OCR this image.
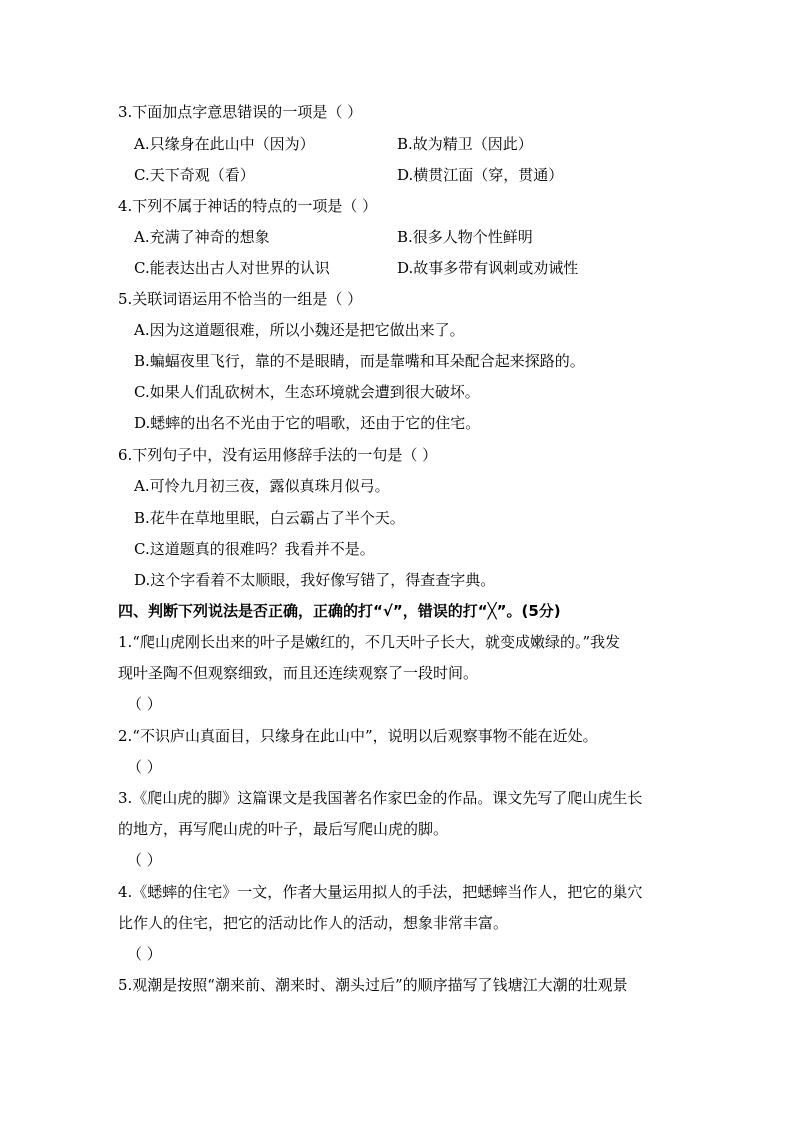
3.下面加点字意思错误的一项是（ ）
A.只缘身在此山中（因为）	B.故为精卫（因此）
C.天下奇观（看）	D.横贯江面（穿，贯通）
4.下列不属于神话的特点的一项是（ ）
A.充满了神奇的想象	B.很多人物个性鲜明
C.能表达出古人对世界的认识	D.故事多带有讽刺或劝诫性
5.关联词语运用不恰当的一组是（ ）
A.因为这道题很难，所以小魏还是把它做出来了。
B.蝙蝠夜里飞行，靠的不是眼睛，而是靠嘴和耳朵配合起来探路的。
C.如果人们乱砍树木，生态环境就会遭到很大破坏。
D.蟋蟀的出名不光由于它的唱歌，还由于它的住宅。
6.下列句子中，没有运用修辞手法的一句是（ ）
A.可怜九月初三夜，露似真珠月似弓。
B.花牛在草地里眠，白云霸占了半个天。
C.这道题真的很难吗？我看并不是。
D.这个字看着不太顺眼，我好像写错了，得查查字典。
四、判断下列说法是否正确，正确的打“√”，错误的打“╳”。(5分)
1.“爬山虎刚长出来的叶子是嫩红的，不几天叶子长大，就变成嫩绿的。”我发
现叶圣陶不但观察细致，而且还连续观察了一段时间。
（ ）
2.“不识庐山真面目，只缘身在此山中”，说明以后观察事物不能在近处。
（ ）
3.《爬山虎的脚》这篇课文是我国著名作家巴金的作品。课文先写了爬山虎生长
的地方，再写爬山虎的叶子，最后写爬山虎的脚。
（ ）
4.《蟋蟀的住宅》一文，作者大量运用拟人的手法，把蟋蟀当作人，把它的巢穴
比作人的住宅，把它的活动比作人的活动，想象非常丰富。
（ ）
5.观潮是按照“潮来前、潮来时、潮头过后”的顺序描写了钱塘江大潮的壮观景
